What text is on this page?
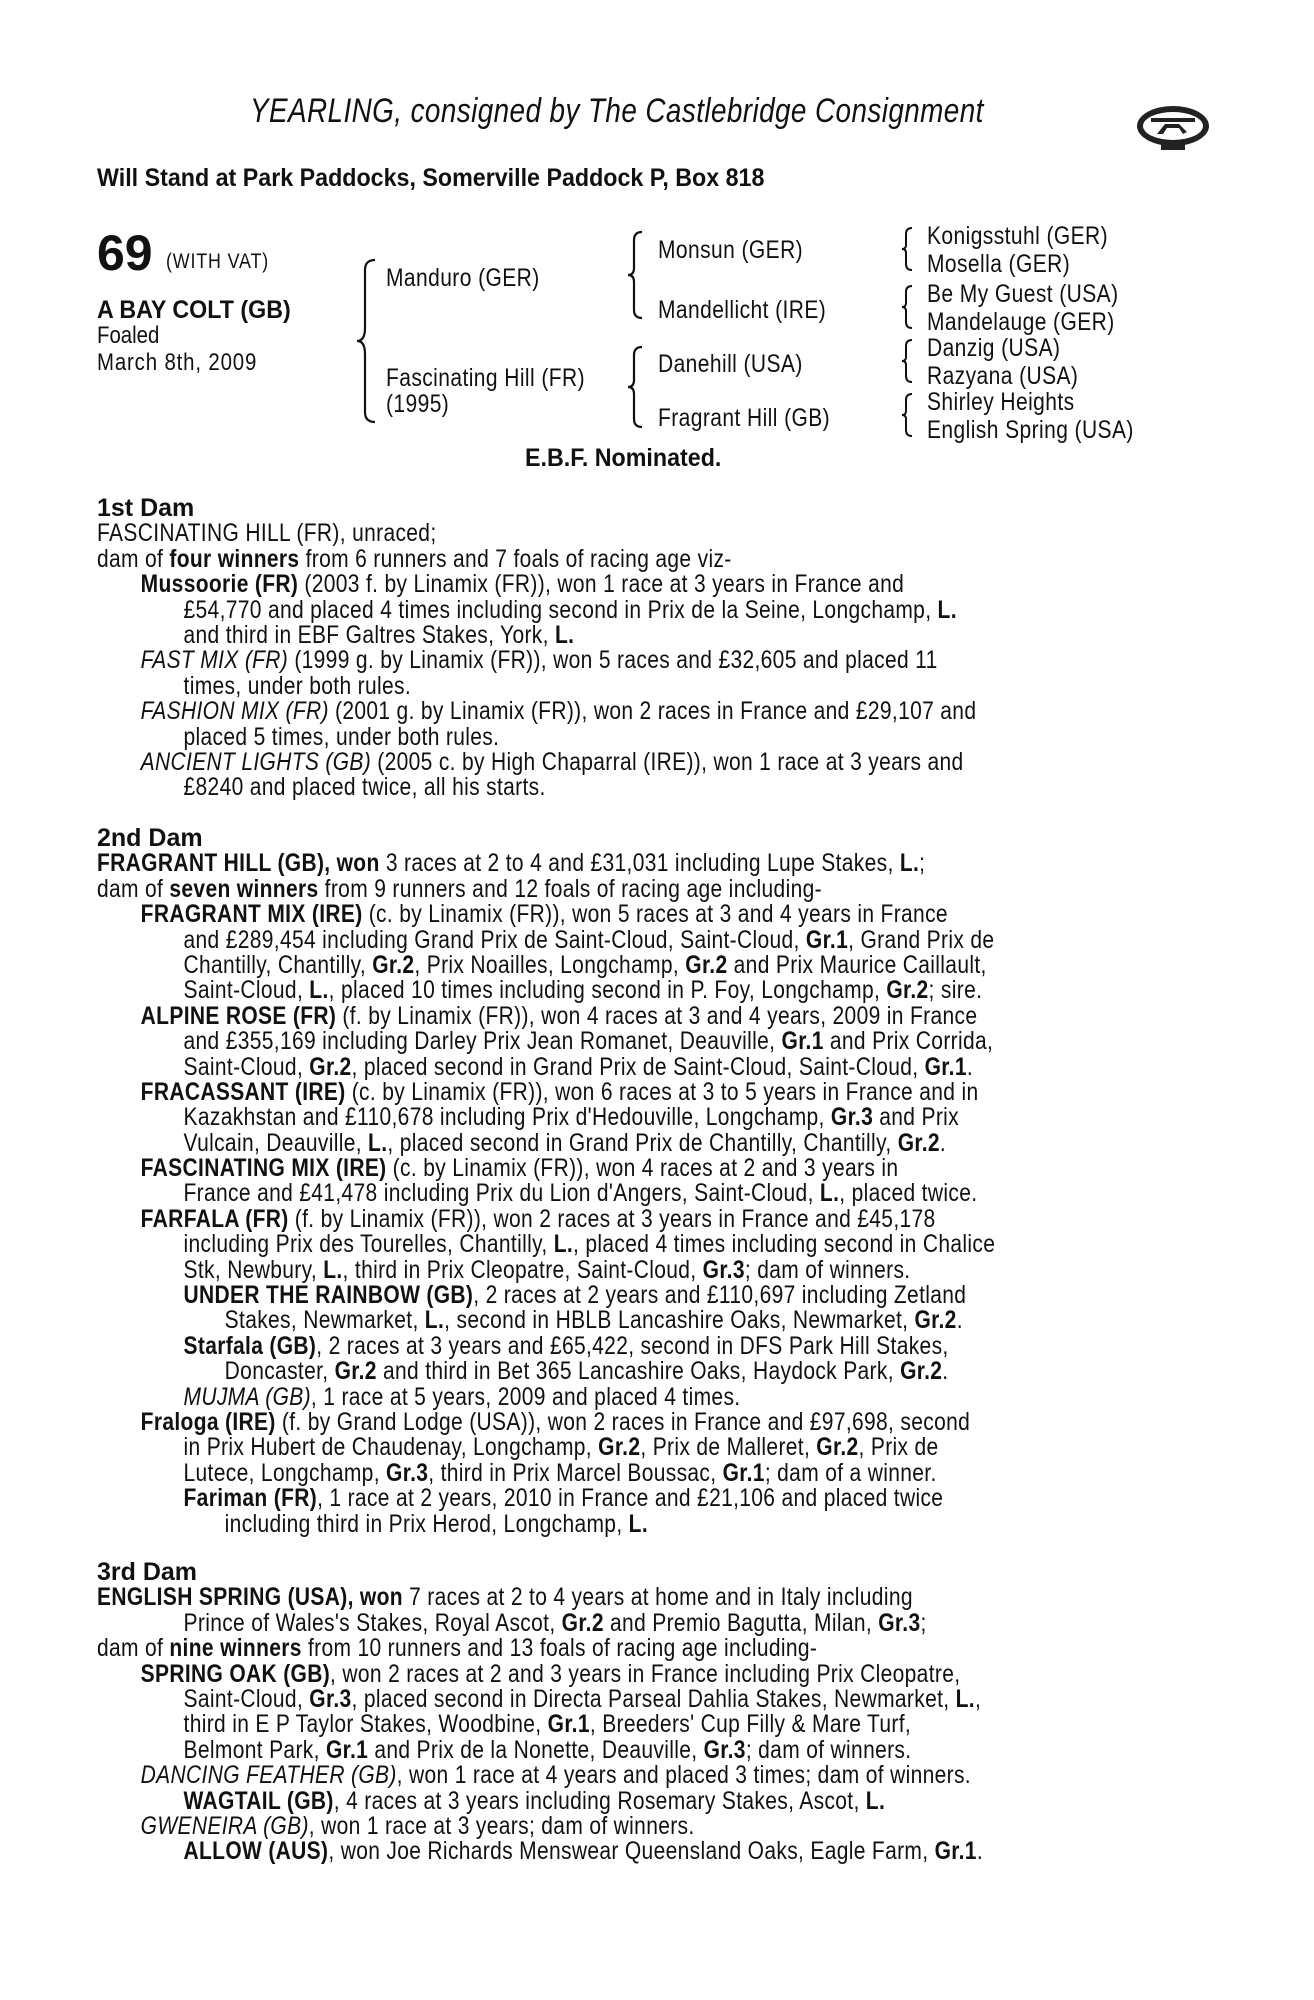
YEARLING, consigned by The Castlebridge Consignment
Will Stand at Park Paddocks, Somerville Paddock P, Box 818
69 (WITH VAT)
A BAY COLT (GB)
Foaled
March 8th, 2009
Manduro (GER)
Fascinating Hill (FR)
(1995)
Monsun (GER)
Mandellicht (IRE)
Danehill (USA)
Fragrant Hill (GB)
Konigsstuhl (GER)
Mosella (GER)
Be My Guest (USA)
Mandelauge (GER)
Danzig (USA)
Razyana (USA)
Shirley Heights
English Spring (USA)
E.B.F. Nominated.
1st Dam
FASCINATING HILL (FR), unraced;
dam of four winners from 6 runners and 7 foals of racing age viz-
Mussoorie (FR) (2003 f. by Linamix (FR)), won 1 race at 3 years in France and
£54,770 and placed 4 times including second in Prix de la Seine, Longchamp, L.
and third in EBF Galtres Stakes, York, L.
FAST MIX (FR) (1999 g. by Linamix (FR)), won 5 races and £32,605 and placed 11
times, under both rules.
FASHION MIX (FR) (2001 g. by Linamix (FR)), won 2 races in France and £29,107 and
placed 5 times, under both rules.
ANCIENT LIGHTS (GB) (2005 c. by High Chaparral (IRE)), won 1 race at 3 years and
£8240 and placed twice, all his starts.
2nd Dam
FRAGRANT HILL (GB), won 3 races at 2 to 4 and £31,031 including Lupe Stakes, L.;
dam of seven winners from 9 runners and 12 foals of racing age including-
FRAGRANT MIX (IRE) (c. by Linamix (FR)), won 5 races at 3 and 4 years in France
and £289,454 including Grand Prix de Saint-Cloud, Saint-Cloud, Gr.1, Grand Prix de
Chantilly, Chantilly, Gr.2, Prix Noailles, Longchamp, Gr.2 and Prix Maurice Caillault,
Saint-Cloud, L., placed 10 times including second in P. Foy, Longchamp, Gr.2; sire.
ALPINE ROSE (FR) (f. by Linamix (FR)), won 4 races at 3 and 4 years, 2009 in France
and £355,169 including Darley Prix Jean Romanet, Deauville, Gr.1 and Prix Corrida,
Saint-Cloud, Gr.2, placed second in Grand Prix de Saint-Cloud, Saint-Cloud, Gr.1.
FRACASSANT (IRE) (c. by Linamix (FR)), won 6 races at 3 to 5 years in France and in
Kazakhstan and £110,678 including Prix d'Hedouville, Longchamp, Gr.3 and Prix
Vulcain, Deauville, L., placed second in Grand Prix de Chantilly, Chantilly, Gr.2.
FASCINATING MIX (IRE) (c. by Linamix (FR)), won 4 races at 2 and 3 years in
France and £41,478 including Prix du Lion d'Angers, Saint-Cloud, L., placed twice.
FARFALA (FR) (f. by Linamix (FR)), won 2 races at 3 years in France and £45,178
including Prix des Tourelles, Chantilly, L., placed 4 times including second in Chalice
Stk, Newbury, L., third in Prix Cleopatre, Saint-Cloud, Gr.3; dam of winners.
UNDER THE RAINBOW (GB), 2 races at 2 years and £110,697 including Zetland
Stakes, Newmarket, L., second in HBLB Lancashire Oaks, Newmarket, Gr.2.
Starfala (GB), 2 races at 3 years and £65,422, second in DFS Park Hill Stakes,
Doncaster, Gr.2 and third in Bet 365 Lancashire Oaks, Haydock Park, Gr.2.
MUJMA (GB), 1 race at 5 years, 2009 and placed 4 times.
Fraloga (IRE) (f. by Grand Lodge (USA)), won 2 races in France and £97,698, second
in Prix Hubert de Chaudenay, Longchamp, Gr.2, Prix de Malleret, Gr.2, Prix de
Lutece, Longchamp, Gr.3, third in Prix Marcel Boussac, Gr.1; dam of a winner.
Fariman (FR), 1 race at 2 years, 2010 in France and £21,106 and placed twice
including third in Prix Herod, Longchamp, L.
3rd Dam
ENGLISH SPRING (USA), won 7 races at 2 to 4 years at home and in Italy including
Prince of Wales's Stakes, Royal Ascot, Gr.2 and Premio Bagutta, Milan, Gr.3;
dam of nine winners from 10 runners and 13 foals of racing age including-
SPRING OAK (GB), won 2 races at 2 and 3 years in France including Prix Cleopatre,
Saint-Cloud, Gr.3, placed second in Directa Parseal Dahlia Stakes, Newmarket, L.,
third in E P Taylor Stakes, Woodbine, Gr.1, Breeders' Cup Filly & Mare Turf,
Belmont Park, Gr.1 and Prix de la Nonette, Deauville, Gr.3; dam of winners.
DANCING FEATHER (GB), won 1 race at 4 years and placed 3 times; dam of winners.
WAGTAIL (GB), 4 races at 3 years including Rosemary Stakes, Ascot, L.
GWENEIRA (GB), won 1 race at 3 years; dam of winners.
ALLOW (AUS), won Joe Richards Menswear Queensland Oaks, Eagle Farm, Gr.1.
